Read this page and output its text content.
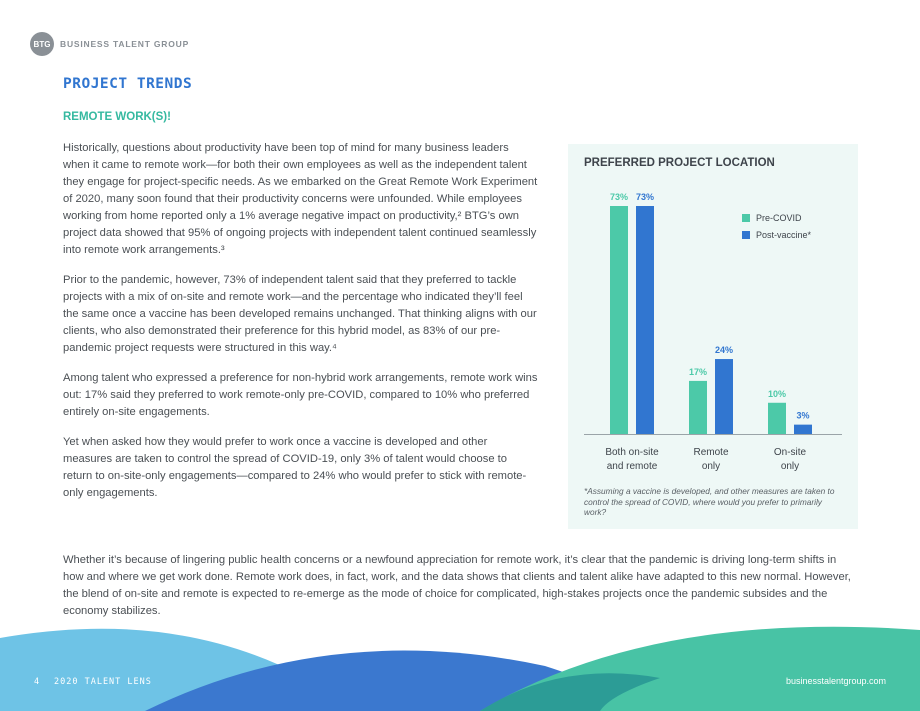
BTG	BUSINESS TALENT GROUP
PROJECT TRENDS
REMOTE WORK(S)!

Historically, questions about productivity have been top of mind for many business leaders when it came to remote work—for both their own employees as well as the independent talent they engage for project-specific needs. As we embarked on the Great Remote Work Experiment of 2020, many soon found that their productivity concerns were unfounded. While employees working from home reported only a 1% average negative impact on productivity,² BTG’s own project data showed that 95% of ongoing projects with independent talent continued seamlessly into remote work arrangements.³

Prior to the pandemic, however, 73% of independent talent said that they preferred to tackle projects with a mix of on-site and remote work—and the percentage who indicated they’ll feel the same once a vaccine has been developed remains unchanged. That thinking aligns with our clients, who also demonstrated their preference for this hybrid model, as 83% of our pre-pandemic project requests were structured in this way.⁴

Among talent who expressed a preference for non-hybrid work arrangements, remote work wins out: 17% said they preferred to work remote-only pre-COVID, compared to 10% who preferred entirely on-site engagements.

Yet when asked how they would prefer to work once a vaccine is developed and other measures are taken to control the spread of COVID-19, only 3% of talent would choose to return to on-site-only engagements—compared to 24% who would prefer to stick with remote-only engagements.

PREFERRED PROJECT LOCATION
73% 73%
Both on-site
and remote
17%
24%
Remote
only
10%
3%
On-site
only
Pre-COVID
Post-vaccine*
*Assuming a vaccine is developed, and other measures are taken to control the spread of COVID, where would you prefer to primarily work?

Whether it’s because of lingering public health concerns or a newfound appreciation for remote work, it’s clear that the pandemic is driving long-term shifts in how and where we get work done. Remote work does, in fact, work, and the data shows that clients and talent alike have adapted to this new normal. However, the blend of on-site and remote is expected to re-emerge as the mode of choice for complicated, high-stakes projects once the pandemic subsides and the economy stabilizes.

4 2020 TALENT LENS	businesstalentgroup.com
